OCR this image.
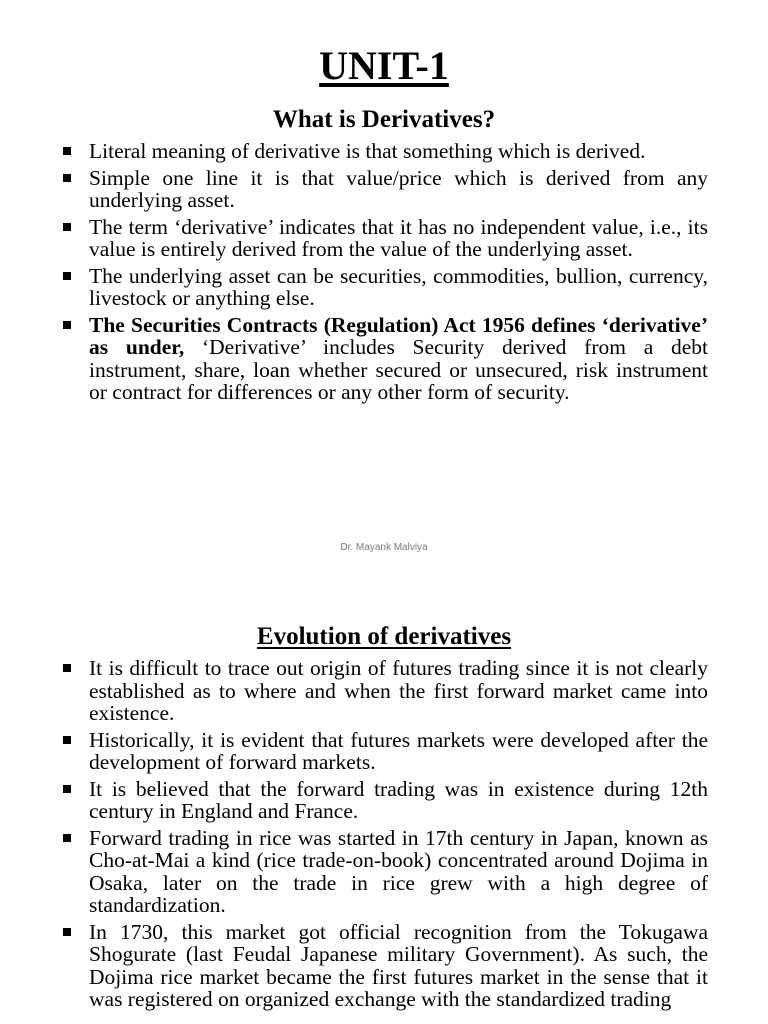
UNIT-1
What is Derivatives?
Literal meaning of derivative is that something which is derived.
Simple one line it is that value/price which is derived from any underlying asset.
The term ‘derivative’ indicates that it has no independent value, i.e., its value is entirely derived from the value of the underlying asset.
The underlying asset can be securities, commodities, bullion, currency, livestock or anything else.
The Securities Contracts (Regulation) Act 1956 defines ‘derivative’ as under, ‘Derivative’ includes Security derived from a debt instrument, share, loan whether secured or unsecured, risk instrument or contract for differences or any other form of security.
Dr. Mayank Malviya
Evolution of derivatives
It is difficult to trace out origin of futures trading since it is not clearly established as to where and when the first forward market came into existence.
Historically, it is evident that futures markets were developed after the development of forward markets.
It is believed that the forward trading was in existence during 12th century in England and France.
Forward trading in rice was started in 17th century in Japan, known as Cho-at-Mai a kind (rice trade-on-book) concentrated around Dojima in Osaka, later on the trade in rice grew with a high degree of standardization.
In 1730, this market got official recognition from the Tokugawa Shogurate (last Feudal Japanese military Government). As such, the Dojima rice market became the first futures market in the sense that it was registered on organized exchange with the standardized trading
